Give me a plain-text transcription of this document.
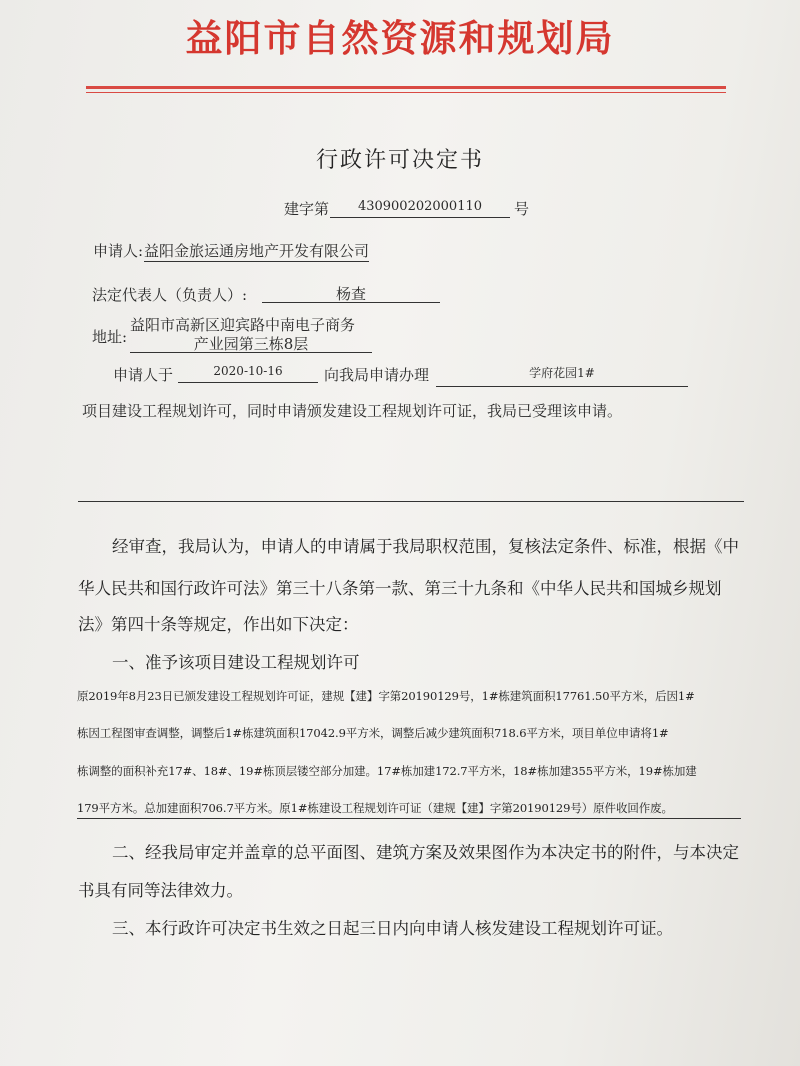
益阳市自然资源和规划局
行政许可决定书
建字第	430900202000110	号
申请人: 益阳金旅运通房地产开发有限公司
法定代表人（负责人）:	杨查
地址:
益阳市高新区迎宾路中南电子商务
产业园第三栋8层
申请人于	2020-10-16	向我局申请办理	学府花园1#
项目建设工程规划许可，同时申请颁发建设工程规划许可证，我局已受理该申请。
经审查，我局认为，申请人的申请属于我局职权范围，复核法定条件、标准，根据《中
华人民共和国行政许可法》第三十八条第一款、第三十九条和《中华人民共和国城乡规划
法》第四十条等规定，作出如下决定：
一、准予该项目建设工程规划许可
原2019年8月23日已颁发建设工程规划许可证，建规【建】字第20190129号，1#栋建筑面积17761.50平方米，后因1#
栋因工程图审查调整，调整后1#栋建筑面积17042.9平方米，调整后减少建筑面积718.6平方米，项目单位申请将1#
栋调整的面积补充17#、18#、19#栋顶层镂空部分加建。17#栋加建172.7平方米，18#栋加建355平方米，19#栋加建
179平方米。总加建面积706.7平方米。原1#栋建设工程规划许可证（建规【建】字第20190129号）原件收回作废。
二、经我局审定并盖章的总平面图、建筑方案及效果图作为本决定书的附件，与本决定
书具有同等法律效力。
三、本行政许可决定书生效之日起三日内向申请人核发建设工程规划许可证。
